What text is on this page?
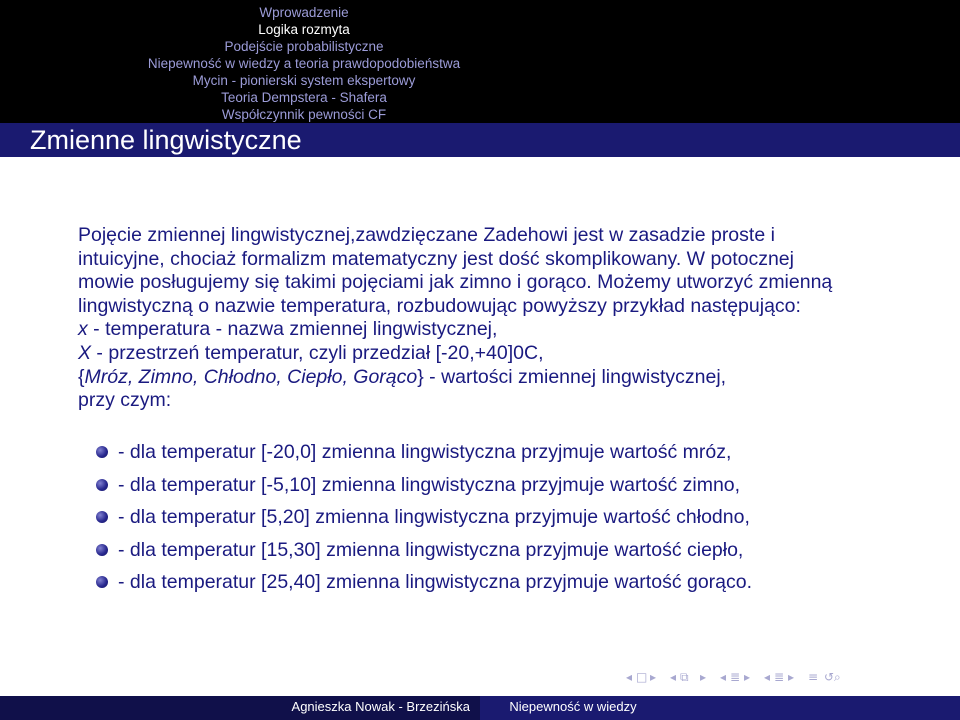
Wprowadzenie
Logika rozmyta
Podejście probabilistyczne
Niepewność w wiedzy a teoria prawdopodobieństwa
Mycin - pionierski system ekspertowy
Teoria Dempstera - Shafera
Współczynnik pewności CF
Zmienne lingwistyczne
Pojęcie zmiennej lingwistycznej,zawdzięczane Zadehowi jest w zasadzie proste i
intuicyjne, chociaż formalizm matematyczny jest dość skomplikowany. W potocznej
mowie posługujemy się takimi pojęciami jak zimno i gorąco. Możemy utworzyć zmienną
lingwistyczną o nazwie temperatura, rozbudowując powyższy przykład następująco:
x - temperatura - nazwa zmiennej lingwistycznej,
X - przestrzeń temperatur, czyli przedział [-20,+40]0C,
{Mróz, Zimno, Chłodno, Ciepło, Gorąco} - wartości zmiennej lingwistycznej,
przy czym:
- dla temperatur [-20,0] zmienna lingwistyczna przyjmuje wartość mróz,
- dla temperatur [-5,10] zmienna lingwistyczna przyjmuje wartość zimno,
- dla temperatur [5,20] zmienna lingwistyczna przyjmuje wartość chłodno,
- dla temperatur [15,30] zmienna lingwistyczna przyjmuje wartość ciepło,
- dla temperatur [25,40] zmienna lingwistyczna przyjmuje wartość gorąco.
◂ □ ▸ ◂ ⧉ ▸ ◂ ≣ ▸ ◂ ≣ ▸ ≡ ↺⌕
Agnieszka Nowak - Brzezińska	Niepewność w wiedzy
